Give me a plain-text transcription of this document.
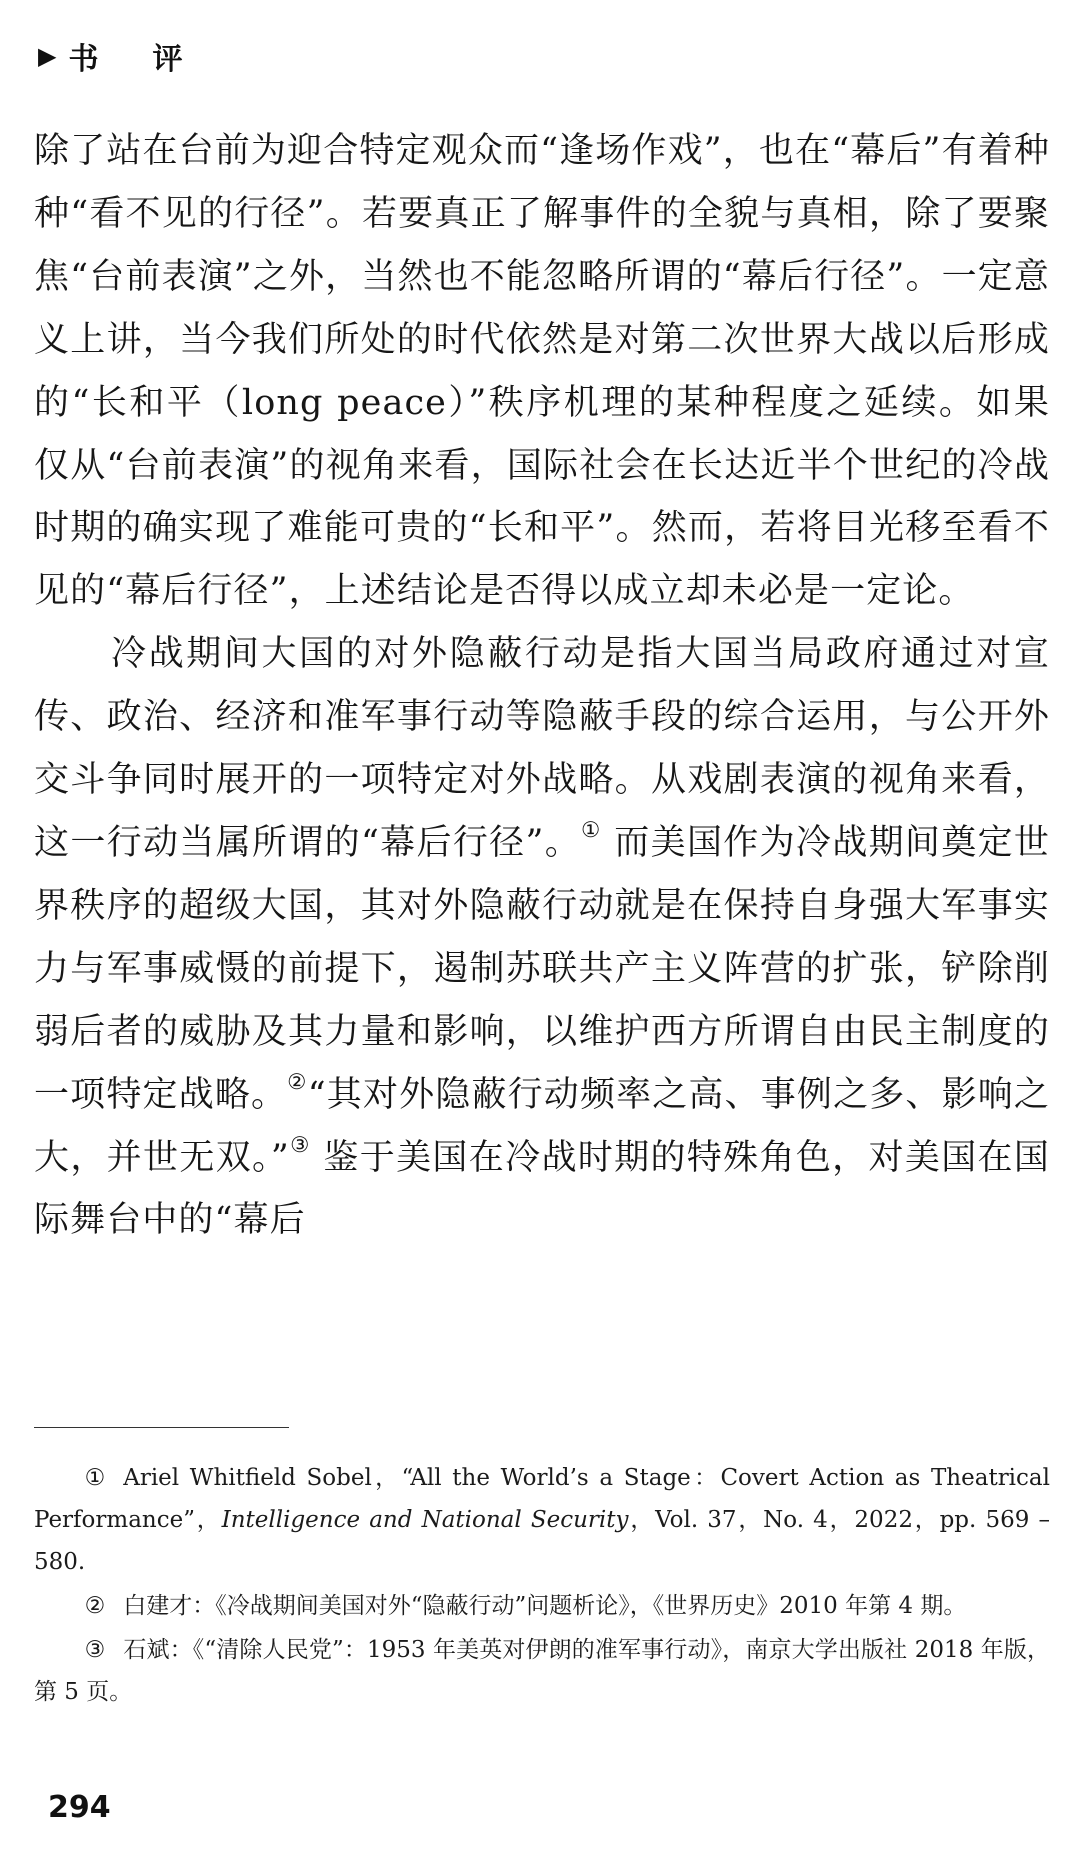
▶ 书评

除了站在台前为迎合特定观众而“逢场作戏”，也在“幕后”有着种种“看不见的行径”。若要真正了解事件的全貌与真相，除了要聚焦“台前表演”之外，当然也不能忽略所谓的“幕后行径”。一定意义上讲，当今我们所处的时代依然是对第二次世界大战以后形成的“长和平（long peace）”秩序机理的某种程度之延续。如果仅从“台前表演”的视角来看，国际社会在长达近半个世纪的冷战时期的确实现了难能可贵的“长和平”。然而，若将目光移至看不见的“幕后行径”，上述结论是否得以成立却未必是一定论。

冷战期间大国的对外隐蔽行动是指大国当局政府通过对宣传、政治、经济和准军事行动等隐蔽手段的综合运用，与公开外交斗争同时展开的一项特定对外战略。从戏剧表演的视角来看，这一行动当属所谓的“幕后行径”。① 而美国作为冷战期间奠定世界秩序的超级大国，其对外隐蔽行动就是在保持自身强大军事实力与军事威慑的前提下，遏制苏联共产主义阵营的扩张，铲除削弱后者的威胁及其力量和影响，以维护西方所谓自由民主制度的一项特定战略。②“其对外隐蔽行动频率之高、事例之多、影响之大，并世无双。”③ 鉴于美国在冷战时期的特殊角色，对美国在国际舞台中的“幕后

① Ariel Whitfield Sobel，“All the World’s a Stage：Covert Action as Theatrical Performance”，Intelligence and National Security，Vol. 37，No. 4，2022，pp. 569 – 580.

② 白建才：《冷战期间美国对外“隐蔽行动”问题析论》，《世界历史》2010 年第 4 期。

③ 石斌：《“清除人民党”：1953 年美英对伊朗的准军事行动》，南京大学出版社 2018 年版，第 5 页。

294
